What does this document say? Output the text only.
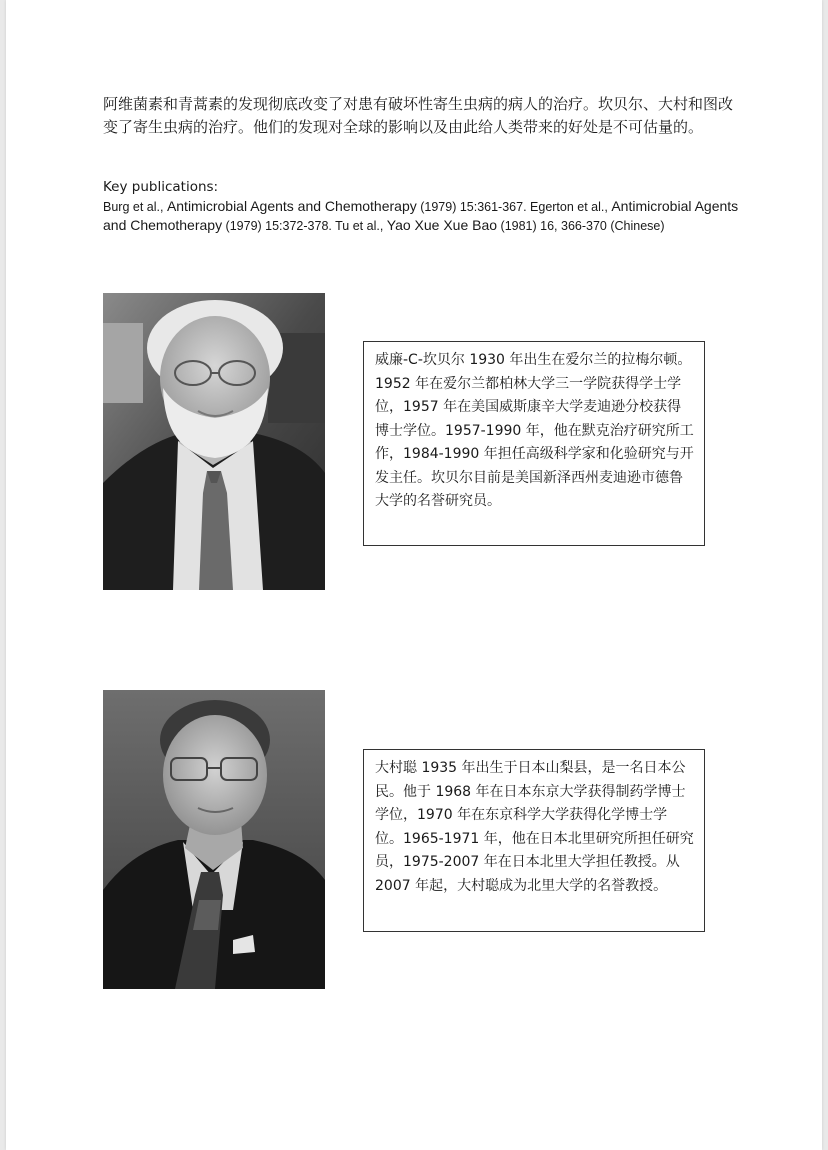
阿维菌素和青蒿素的发现彻底改变了对患有破坏性寄生虫病的病人的治疗。坎贝尔、大村和图改变了寄生虫病的治疗。他们的发现对全球的影响以及由此给人类带来的好处是不可估量的。

Key publications:

Burg et al., Antimicrobial Agents and Chemotherapy (1979) 15:361-367. Egerton et al., Antimicrobial Agents and Chemotherapy (1979) 15:372-378. Tu et al., Yao Xue Xue Bao (1981) 16, 366-370 (Chinese)

威廉-C-坎贝尔 1930 年出生在爱尔兰的拉梅尔顿。1952 年在爱尔兰都柏林大学三一学院获得学士学位，1957 年在美国威斯康辛大学麦迪逊分校获得博士学位。1957-1990 年，他在默克治疗研究所工作，1984-1990 年担任高级科学家和化验研究与开发主任。坎贝尔目前是美国新泽西州麦迪逊市德鲁大学的名誉研究员。

大村聪 1935 年出生于日本山梨县，是一名日本公民。他于 1968 年在日本东京大学获得制药学博士学位，1970 年在东京科学大学获得化学博士学位。1965-1971 年，他在日本北里研究所担任研究员，1975-2007 年在日本北里大学担任教授。从 2007 年起，大村聪成为北里大学的名誉教授。
